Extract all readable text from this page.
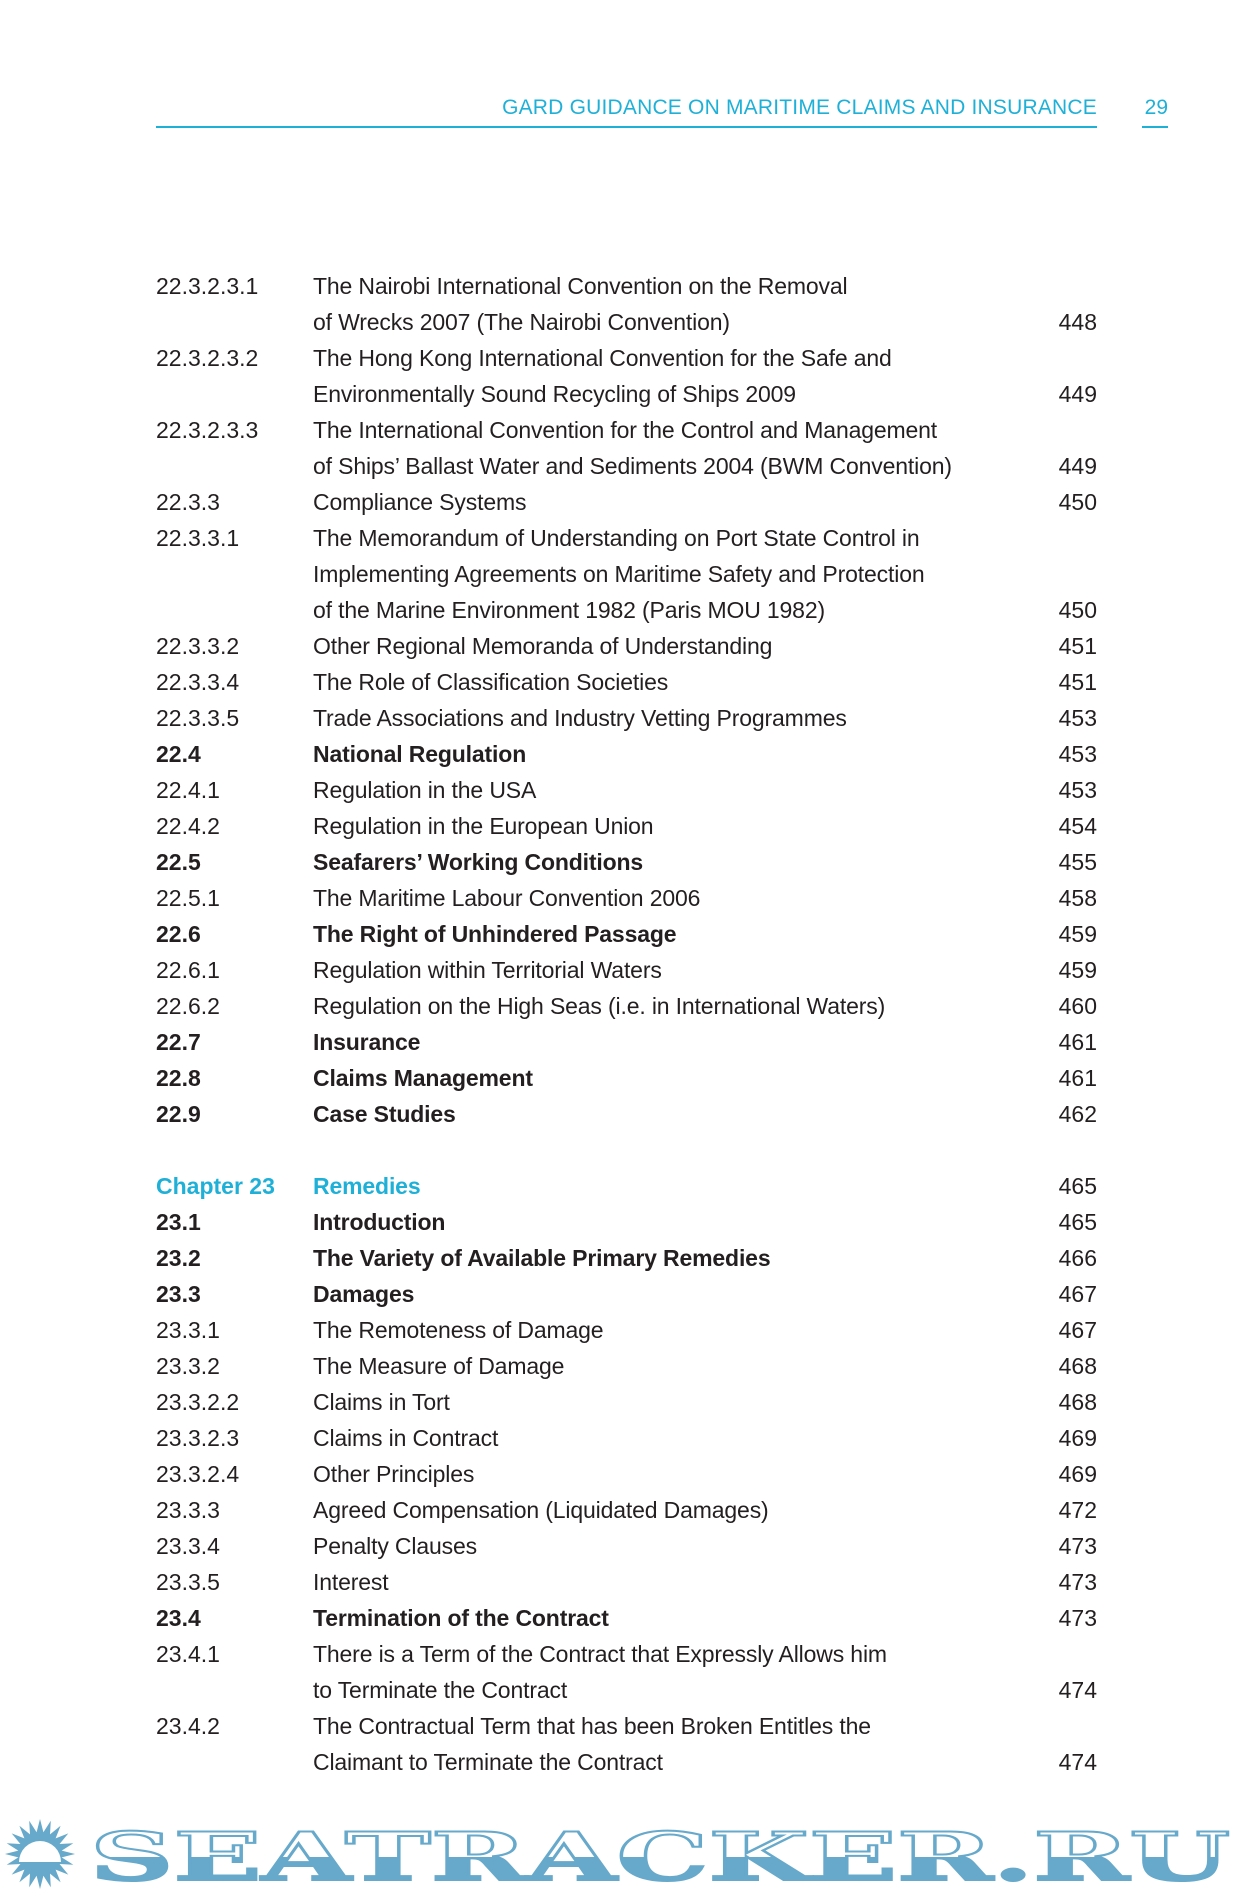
GARD GUIDANCE ON MARITIME CLAIMS AND INSURANCE 29
22.3.2.3.1 The Nairobi International Convention on the Removal
of Wrecks 2007 (The Nairobi Convention)	448
22.3.2.3.2 The Hong Kong International Convention for the Safe and
Environmentally Sound Recycling of Ships 2009	449
22.3.2.3.3 The International Convention for the Control and Management
of Ships’ Ballast Water and Sediments 2004 (BWM Convention)	449
22.3.3	Compliance Systems	450
22.3.3.1	The Memorandum of Understanding on Port State Control in
Implementing Agreements on Maritime Safety and Protection
of the Marine Environment 1982 (Paris MOU 1982)	450
22.3.3.2	Other Regional Memoranda of Understanding	451
22.3.3.4	The Role of Classification Societies	451
22.3.3.5	Trade Associations and Industry Vetting Programmes	453
22.4	National Regulation	453
22.4.1	Regulation in the USA	453
22.4.2	Regulation in the European Union	454
22.5	Seafarers’ Working Conditions	455
22.5.1	The Maritime Labour Convention 2006	458
22.6	The Right of Unhindered Passage	459
22.6.1	Regulation within Territorial Waters	459
22.6.2	Regulation on the High Seas (i.e. in International Waters)	460
22.7	Insurance	461
22.8	Claims Management	461
22.9	Case Studies	462
Chapter 23 Remedies	465
23.1	Introduction	465
23.2	The Variety of Available Primary Remedies	466
23.3	Damages	467
23.3.1	The Remoteness of Damage	467
23.3.2	The Measure of Damage	468
23.3.2.2	Claims in Tort	468
23.3.2.3	Claims in Contract	469
23.3.2.4	Other Principles	469
23.3.3	Agreed Compensation (Liquidated Damages)	472
23.3.4	Penalty Clauses	473
23.3.5	Interest	473
23.4	Termination of the Contract	473
23.4.1	There is a Term of the Contract that Expressly Allows him
to Terminate the Contract	474
23.4.2	The Contractual Term that has been Broken Entitles the
Claimant to Terminate the Contract	474
SEATRACKER.RU
